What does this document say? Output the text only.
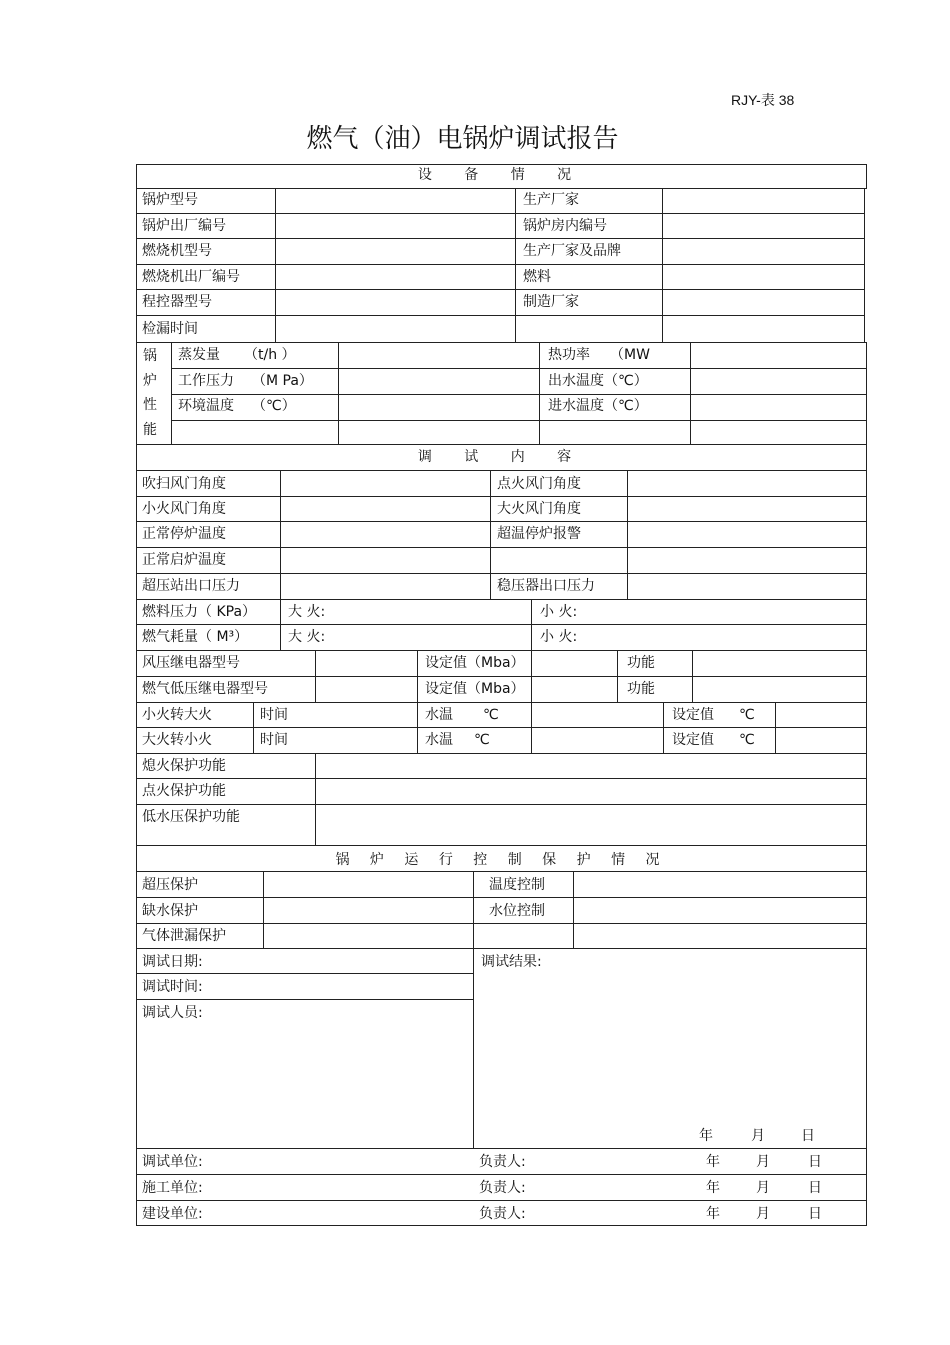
RJY-表 38
燃气（油）电锅炉调试报告
设 备 情 况
锅炉型号	生产厂家
锅炉出厂编号	锅炉房内编号
燃烧机型号	生产厂家及品牌
燃烧机出厂编号	燃料
程控器型号	制造厂家
检漏时间
锅炉性能
蒸发量 （t/h ）	热功率 （MW
工作压力 （M Pa）	出水温度（℃）
环境温度 （℃）	进水温度（℃）
调 试 内 容
吹扫风门角度	点火风门角度
小火风门角度	大火风门角度
正常停炉温度	超温停炉报警
正常启炉温度
超压站出口压力	稳压器出口压力
燃料压力（ KPa） 大 火:	小 火:
燃气耗量（ M³）	大 火:	小 火:
风压继电器型号	设定值（Mba）	功能
燃气低压继电器型号	设定值（Mba）	功能
小火转大火	时间	水温 ℃	设定值 ℃
大火转小火	时间	水温 ℃	设定值 ℃
熄火保护功能
点火保护功能
低水压保护功能
锅 炉 运 行 控 制 保 护 情 况
超压保护	温度控制
缺水保护	水位控制
气体泄漏保护
调试日期:
调试时间:
调试人员:
调试结果:
年	月	日
调试单位:	负责人:	年	月	日
施工单位:	负责人:	年	月	日
建设单位:	负责人:	年	月	日
